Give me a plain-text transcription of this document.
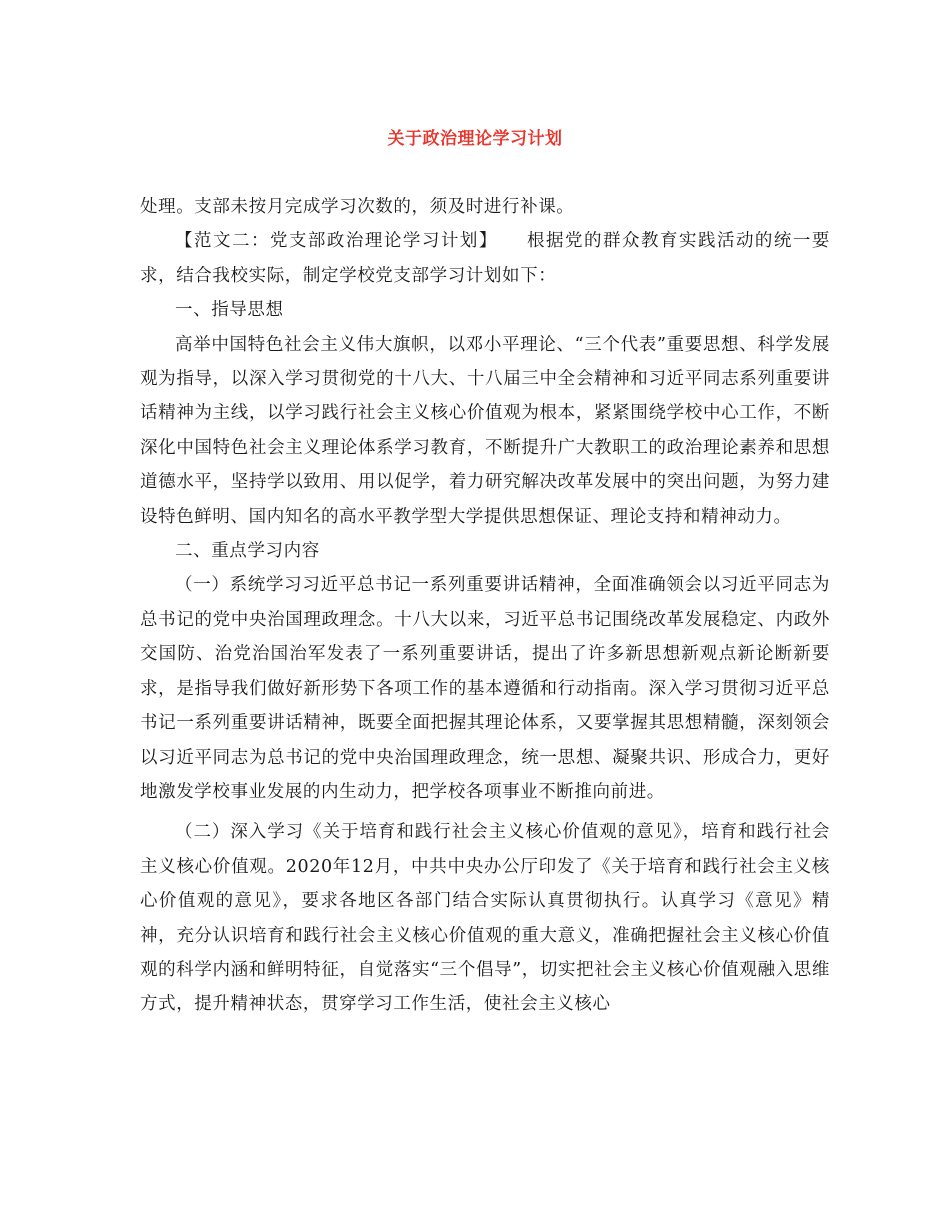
关于政治理论学习计划

处理。支部未按月完成学习次数的，须及时进行补课。

【范文二：党支部政治理论学习计划】　　根据党的群众教育实践活动的统一要求，结合我校实际，制定学校党支部学习计划如下：

一、指导思想

高举中国特色社会主义伟大旗帜，以邓小平理论、“三个代表”重要思想、科学发展观为指导，以深入学习贯彻党的十八大、十八届三中全会精神和习近平同志系列重要讲话精神为主线，以学习践行社会主义核心价值观为根本，紧紧围绕学校中心工作，不断深化中国特色社会主义理论体系学习教育，不断提升广大教职工的政治理论素养和思想道德水平，坚持学以致用、用以促学，着力研究解决改革发展中的突出问题，为努力建设特色鲜明、国内知名的高水平教学型大学提供思想保证、理论支持和精神动力。

二、重点学习内容

（一）系统学习习近平总书记一系列重要讲话精神，全面准确领会以习近平同志为总书记的党中央治国理政理念。十八大以来，习近平总书记围绕改革发展稳定、内政外交国防、治党治国治军发表了一系列重要讲话，提出了许多新思想新观点新论断新要求，是指导我们做好新形势下各项工作的基本遵循和行动指南。深入学习贯彻习近平总书记一系列重要讲话精神，既要全面把握其理论体系，又要掌握其思想精髓，深刻领会以习近平同志为总书记的党中央治国理政理念，统一思想、凝聚共识、形成合力，更好地激发学校事业发展的内生动力，把学校各项事业不断推向前进。

（二）深入学习《关于培育和践行社会主义核心价值观的意见》，培育和践行社会主义核心价值观。2020年12月，中共中央办公厅印发了《关于培育和践行社会主义核心价值观的意见》，要求各地区各部门结合实际认真贯彻执行。认真学习《意见》精神，充分认识培育和践行社会主义核心价值观的重大意义，准确把握社会主义核心价值观的科学内涵和鲜明特征，自觉落实“三个倡导”，切实把社会主义核心价值观融入思维方式，提升精神状态，贯穿学习工作生活，使社会主义核心
